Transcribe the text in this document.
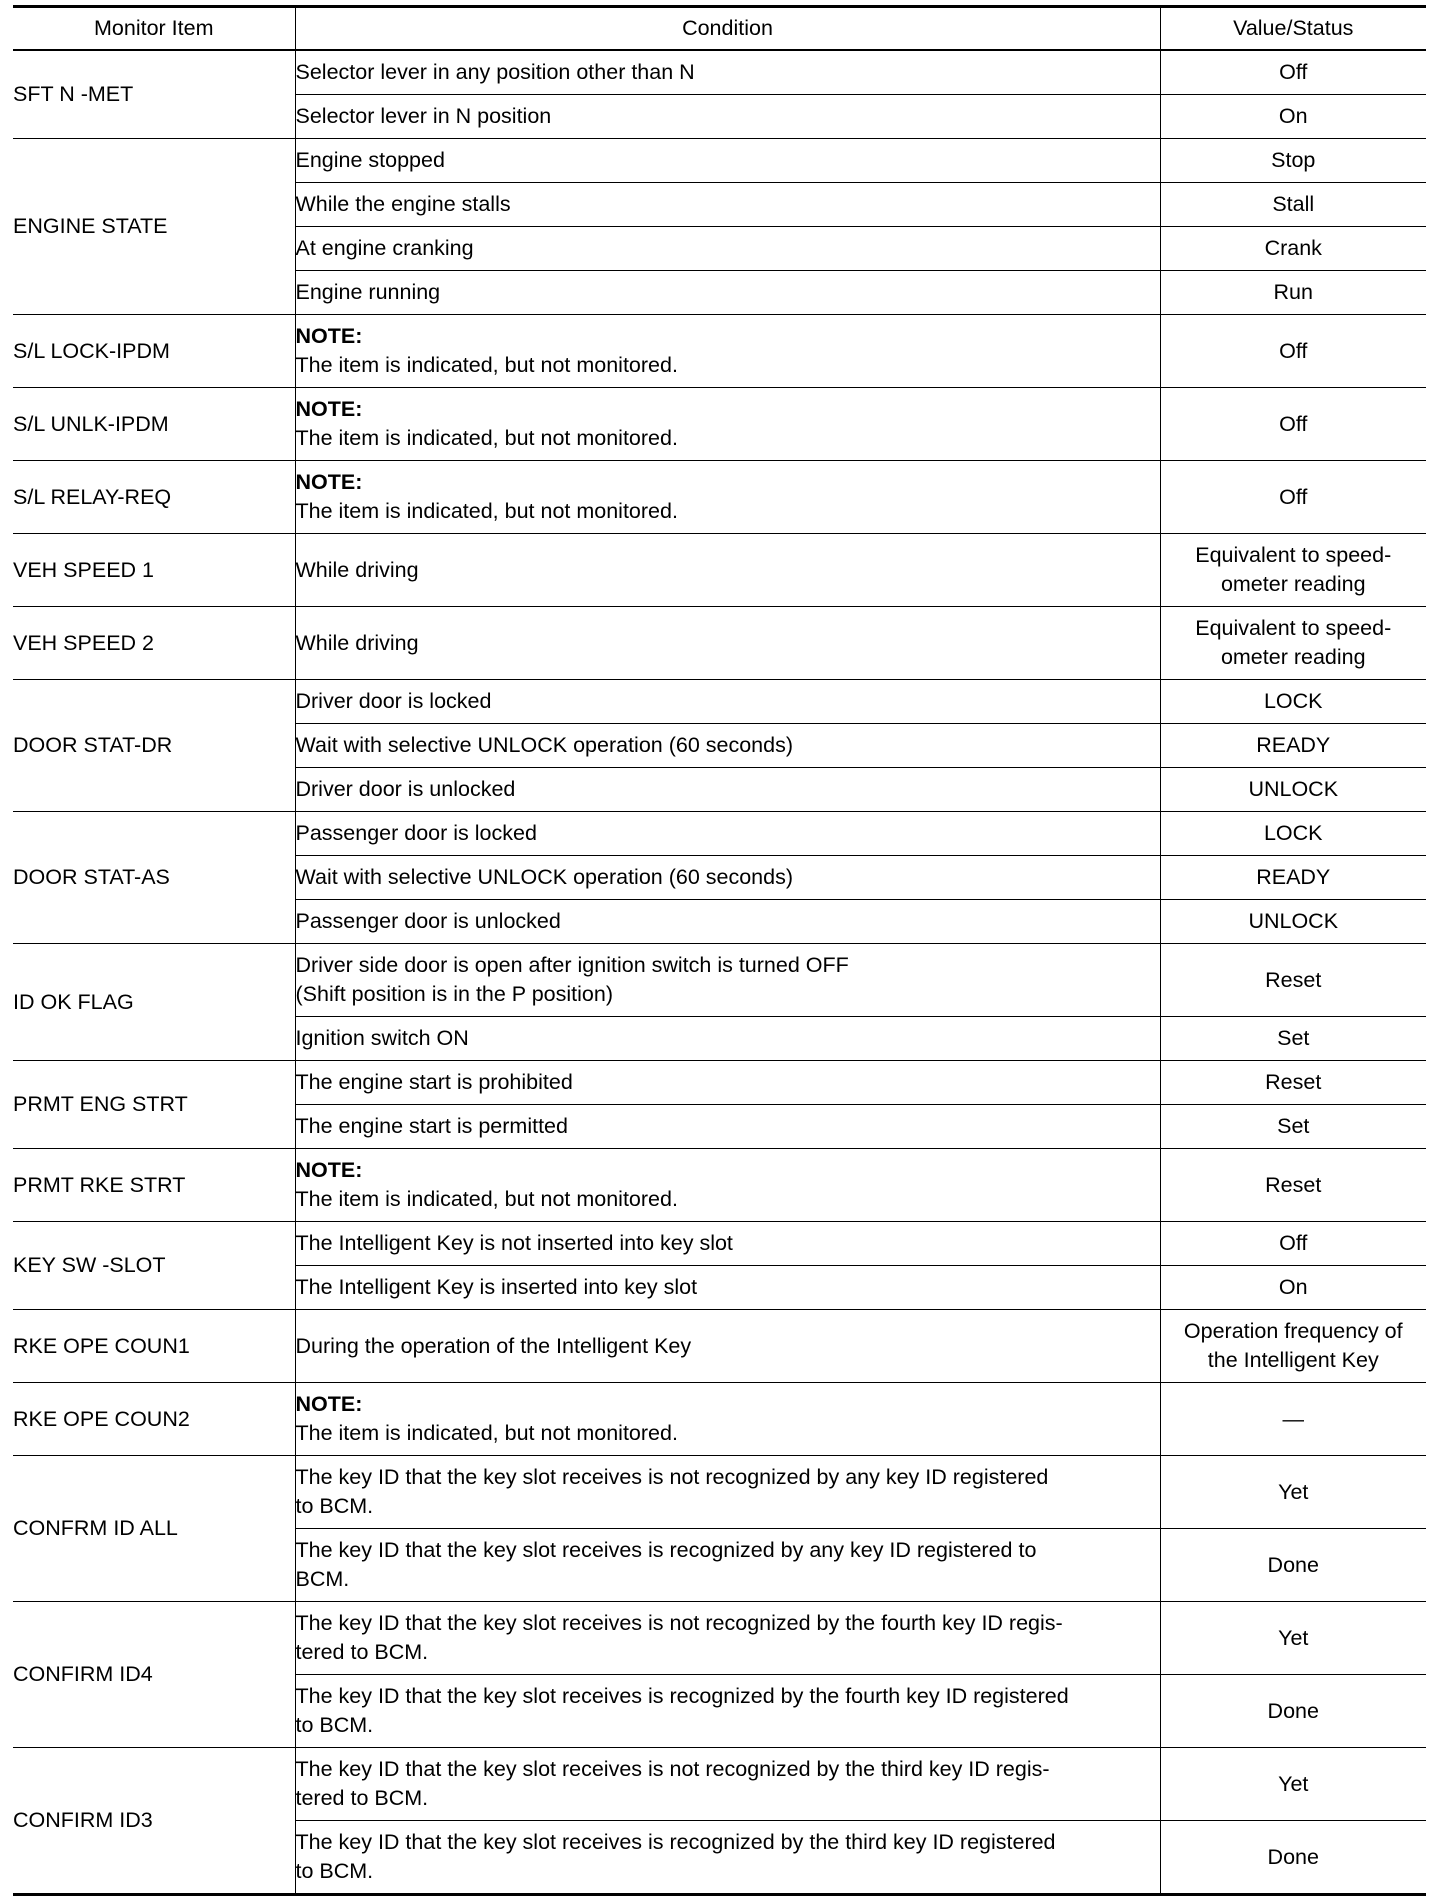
Monitor Item	Condition	Value/Status
SFT N -MET	Selector lever in any position other than N	Off
	Selector lever in N position	On
ENGINE STATE	Engine stopped	Stop
	While the engine stalls	Stall
	At engine cranking	Crank
	Engine running	Run
S/L LOCK-IPDM	NOTE:
The item is indicated, but not monitored.	Off
S/L UNLK-IPDM	NOTE:
The item is indicated, but not monitored.	Off
S/L RELAY-REQ	NOTE:
The item is indicated, but not monitored.	Off
VEH SPEED 1	While driving	Equivalent to speed-
ometer reading

VEH SPEED 2	While driving	Equivalent to speed-
ometer reading

DOOR STAT-DR	Driver door is locked	LOCK
	Wait with selective UNLOCK operation (60 seconds)	READY
	Driver door is unlocked	UNLOCK
DOOR STAT-AS	Passenger door is locked	LOCK
	Wait with selective UNLOCK operation (60 seconds)	READY
	Passenger door is unlocked	UNLOCK
ID OK FLAG	Driver side door is open after ignition switch is turned OFF
(Shift position is in the P position)	Reset
	Ignition switch ON	Set
PRMT ENG STRT	The engine start is prohibited	Reset
	The engine start is permitted	Set
PRMT RKE STRT	NOTE:
The item is indicated, but not monitored.	Reset
KEY SW -SLOT	The Intelligent Key is not inserted into key slot	Off
	The Intelligent Key is inserted into key slot	On
RKE OPE COUN1	During the operation of the Intelligent Key	Operation frequency of
the Intelligent Key

RKE OPE COUN2	NOTE:
The item is indicated, but not monitored.	—
CONFRM ID ALL	The key ID that the key slot receives is not recognized by any key ID registered
to BCM.	Yet

	The key ID that the key slot receives is recognized by any key ID registered to
BCM.	Done
CONFIRM ID4	The key ID that the key slot receives is not recognized by the fourth key ID regis-
tered to BCM.	Yet

	The key ID that the key slot receives is recognized by the fourth key ID registered
to BCM.	Done
CONFIRM ID3	The key ID that the key slot receives is not recognized by the third key ID regis-
tered to BCM.	Yet

	The key ID that the key slot receives is recognized by the third key ID registered
to BCM.	Done
